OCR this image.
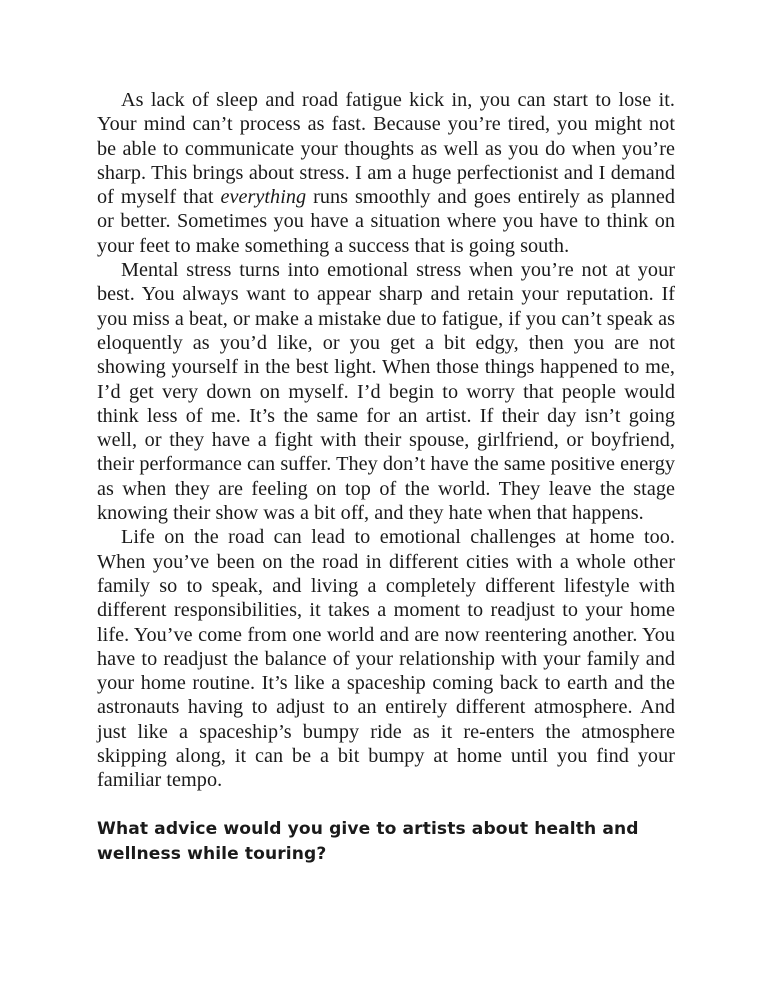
As lack of sleep and road fatigue kick in, you can start to lose it. Your mind can’t process as fast. Because you’re tired, you might not be able to communicate your thoughts as well as you do when you’re sharp. This brings about stress. I am a huge perfectionist and I demand of myself that everything runs smoothly and goes entirely as planned or better. Sometimes you have a situation where you have to think on your feet to make something a success that is going south.

Mental stress turns into emotional stress when you’re not at your best. You always want to appear sharp and retain your reputation. If you miss a beat, or make a mistake due to fatigue, if you can’t speak as eloquently as you’d like, or you get a bit edgy, then you are not showing yourself in the best light. When those things happened to me, I’d get very down on myself. I’d begin to worry that people would think less of me. It’s the same for an artist. If their day isn’t going well, or they have a fight with their spouse, girlfriend, or boyfriend, their performance can suffer. They don’t have the same positive energy as when they are feeling on top of the world. They leave the stage knowing their show was a bit off, and they hate when that happens.

Life on the road can lead to emotional challenges at home too. When you’ve been on the road in different cities with a whole other family so to speak, and living a completely different lifestyle with different responsibilities, it takes a moment to readjust to your home life. You’ve come from one world and are now reentering another. You have to readjust the balance of your relationship with your family and your home routine. It’s like a spaceship coming back to earth and the astronauts having to adjust to an entirely different atmosphere. And just like a spaceship’s bumpy ride as it re-enters the atmosphere skipping along, it can be a bit bumpy at home until you find your familiar tempo.

What advice would you give to artists about health and wellness while touring?
